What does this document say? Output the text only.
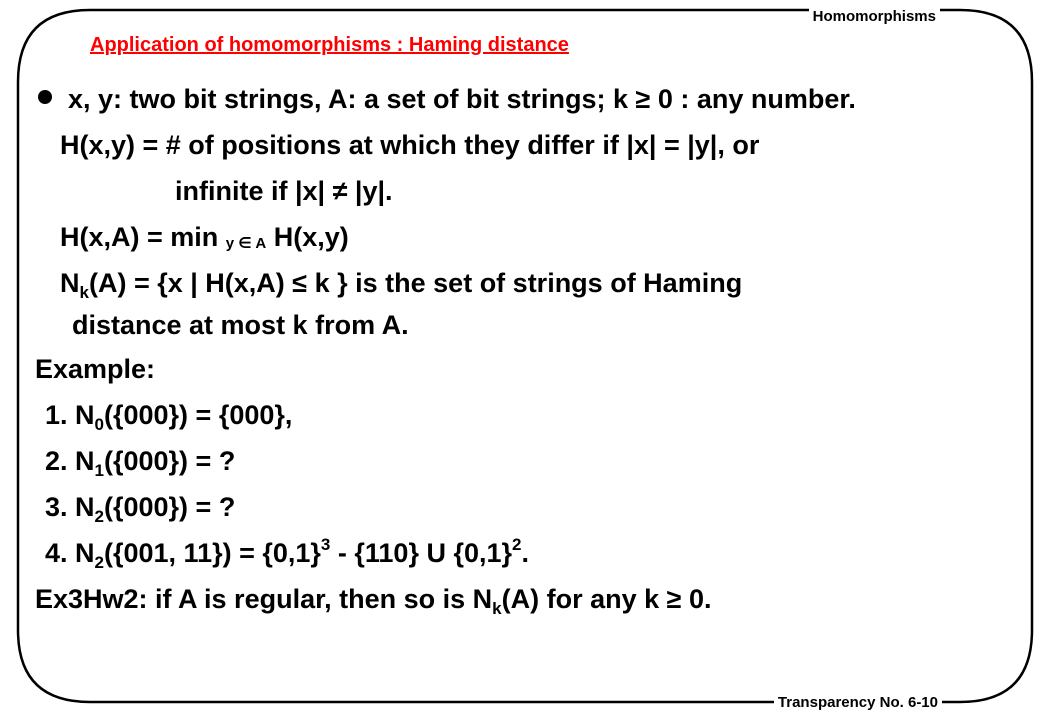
Homomorphisms
Transparency No. 6-10
Application of homomorphisms : Haming distance
x, y: two bit strings, A: a set of bit strings; k ≥ 0 : any number.
H(x,y) = # of positions at which they differ if |x| = |y|, or
infinite if |x| ≠ |y|.
H(x,A) = min y ∈ A H(x,y)
$N_k(A) = \{x$ | H(x,A) ≤ k } is the set of strings of Haming
distance at most k from A.
Example:
1. $N_0(\{000\}) = \{000\}$,
2. $N_1(\{000\})$ = ?
3. $N_2(\{000\})$ = ?
4. $N_2(\{001$, $11\}) = \{0,1\}^3 - \{110\}$ U $\{0,1\}^2$.
Ex3Hw2: if A is regular, then so is $N_k(A)$ for any k ≥ 0.
